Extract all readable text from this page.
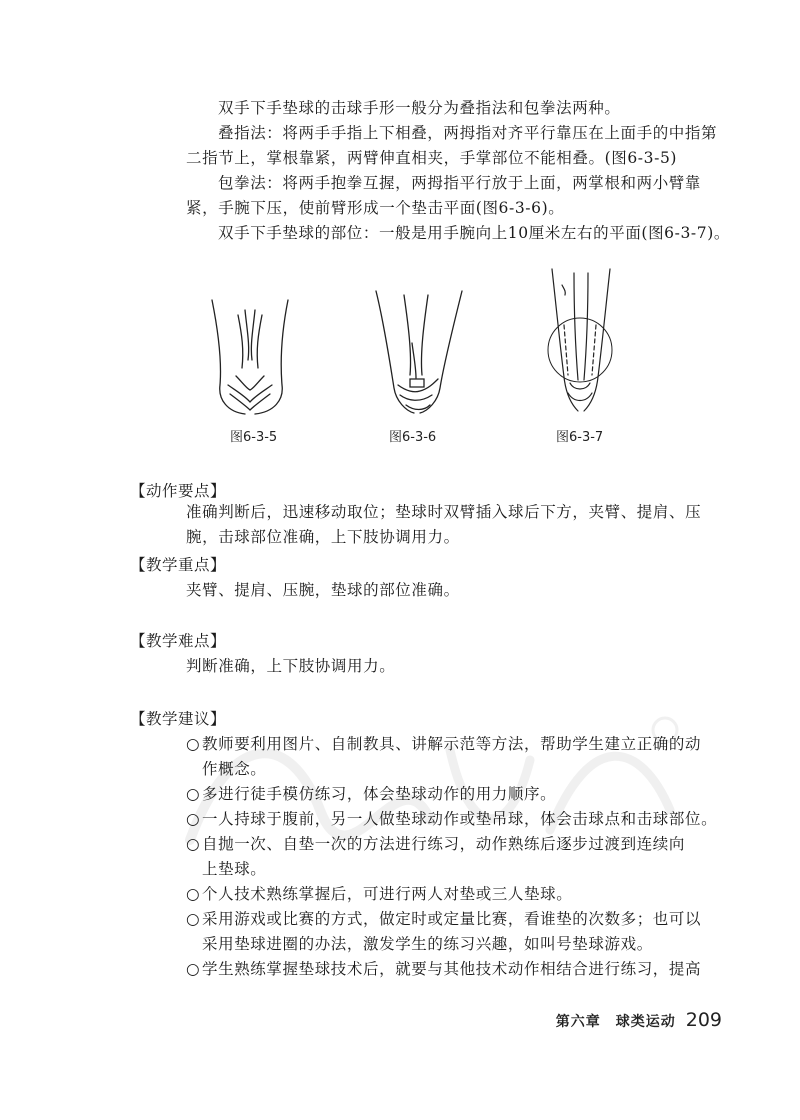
双手下手垫球的击球手形一般分为叠指法和包拳法两种。

叠指法：将两手手指上下相叠，两拇指对齐平行靠压在上面手的中指第二指节上，掌根靠紧，两臂伸直相夹，手掌部位不能相叠。(图6-3-5)

包拳法：将两手抱拳互握，两拇指平行放于上面，两掌根和两小臂靠紧，手腕下压，使前臂形成一个垫击平面(图6-3-6)。

双手下手垫球的部位：一般是用手腕向上10厘米左右的平面(图6-3-7)。

图6-3-5	图6-3-6	图6-3-7
【动作要点】

准确判断后，迅速移动取位；垫球时双臂插入球后下方，夹臂、提肩、压腕，击球部位准确，上下肢协调用力。

【教学重点】

夹臂、提肩、压腕，垫球的部位准确。

【教学难点】

判断准确，上下肢协调用力。

【教学建议】
○ 教师要利用图片、自制教具、讲解示范等方法，帮助学生建立正确的动
作概念。
○ 多进行徒手模仿练习，体会垫球动作的用力顺序。
○ 一人持球于腹前，另一人做垫球动作或垫吊球，体会击球点和击球部位。
○ 自抛一次、自垫一次的方法进行练习，动作熟练后逐步过渡到连续向
上垫球。
○ 个人技术熟练掌握后，可进行两人对垫或三人垫球。
○ 采用游戏或比赛的方式，做定时或定量比赛，看谁垫的次数多；也可以
采用垫球进圈的办法，激发学生的练习兴趣，如叫号垫球游戏。
○ 学生熟练掌握垫球技术后，就要与其他技术动作相结合进行练习，提高
第六章　球类运动 209
